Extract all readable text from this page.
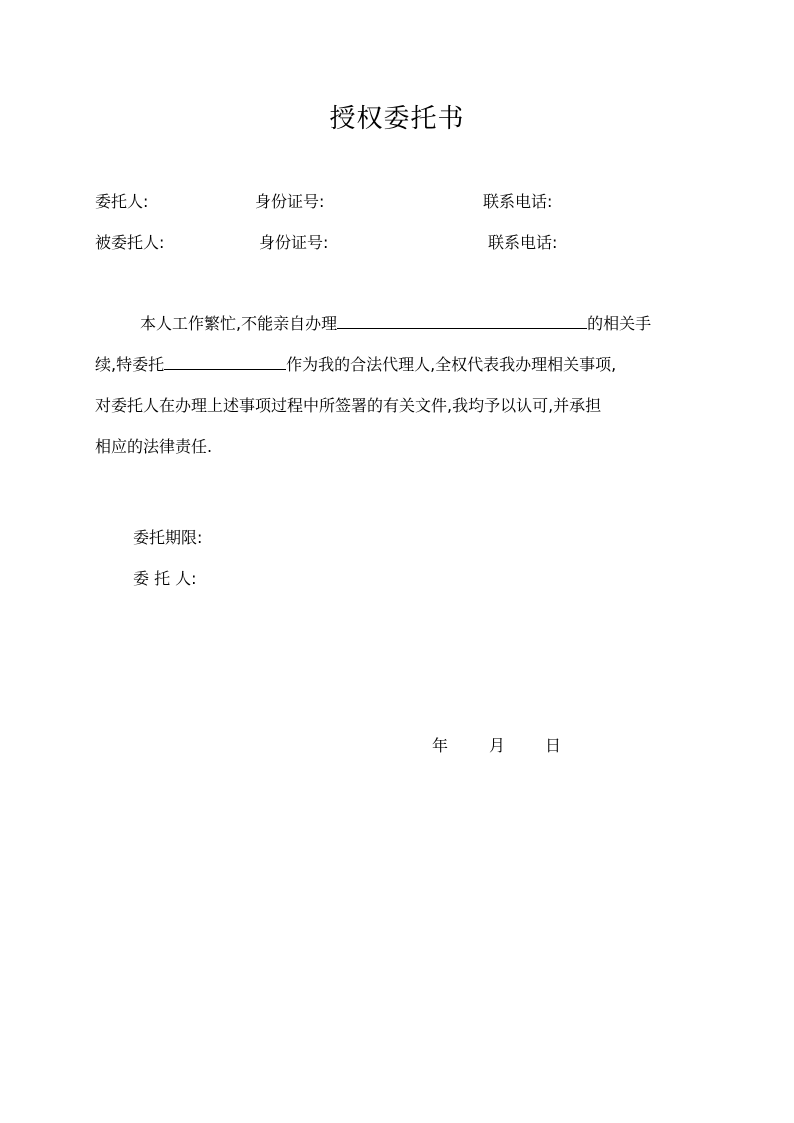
授权委托书
委托人:	身份证号:	联系电话:
被委托人:	身份证号:	联系电话:
本人工作繁忙,不能亲自办理	的相关手
续,特委托	作为我的合法代理人,全权代表我办理相关事项,
对委托人在办理上述事项过程中所签署的有关文件,我均予以认可,并承担
相应的法律责任.
委托期限:
委 托 人:
年	月 日
